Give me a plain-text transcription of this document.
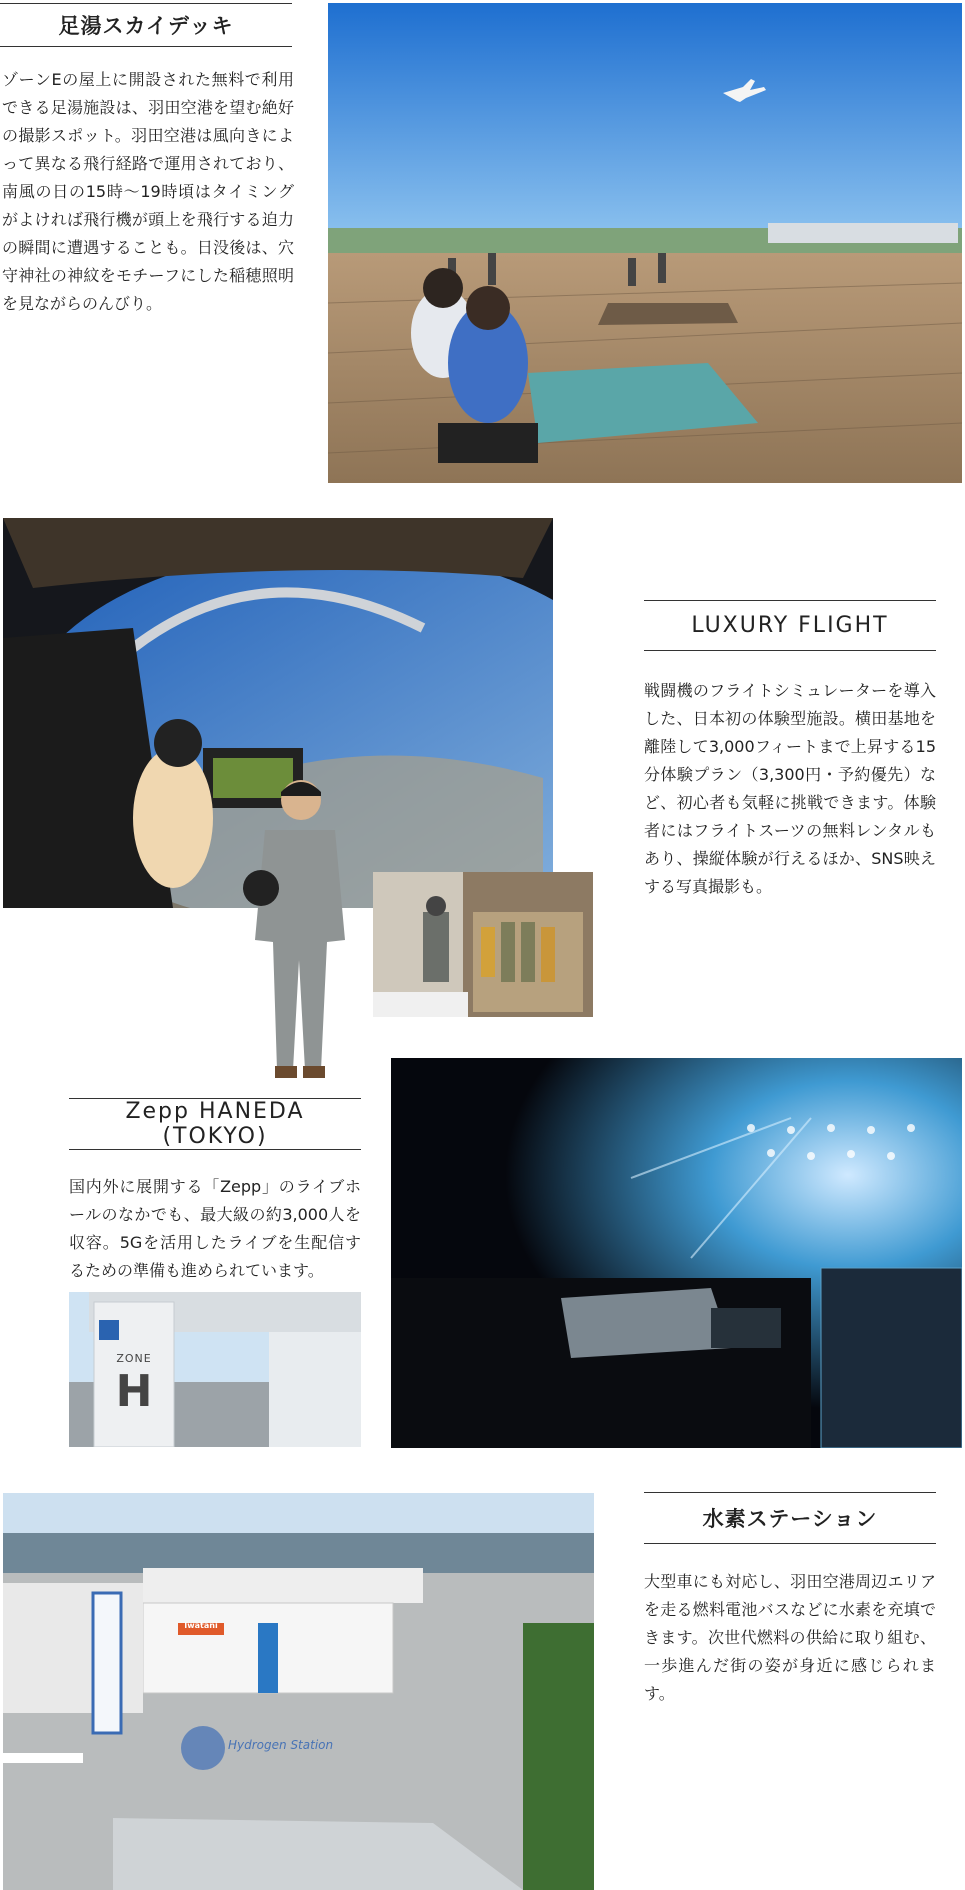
足湯スカイデッキ
ゾーンEの屋上に開設された無料で利用できる足湯施設は、羽田空港を望む絶好の撮影スポット。羽田空港は風向きによって異なる飛行経路で運用されており、南風の日の15時～19時頃はタイミングがよければ飛行機が頭上を飛行する迫力の瞬間に遭遇することも。日没後は、穴守神社の神紋をモチーフにした稲穂照明を見ながらのんびり。
LUXURY FLIGHT
戦闘機のフライトシミュレーターを導入した、日本初の体験型施設。横田基地を離陸して3,000フィートまで上昇する15分体験プラン（3,300円・予約優先）など、初心者も気軽に挑戦できます。体験者にはフライトスーツの無料レンタルもあり、操縦体験が行えるほか、SNS映えする写真撮影も。
Zepp HANEDA (TOKYO)
国内外に展開する「Zepp」のライブホールのなかでも、最大級の約3,000人を収容。5Gを活用したライブを生配信するための準備も進められています。
ZONE
H
Iwatani
Hydrogen Station
水素ステーション
大型車にも対応し、羽田空港周辺エリアを走る燃料電池バスなどに水素を充填できます。次世代燃料の供給に取り組む、一歩進んだ街の姿が身近に感じられます。
